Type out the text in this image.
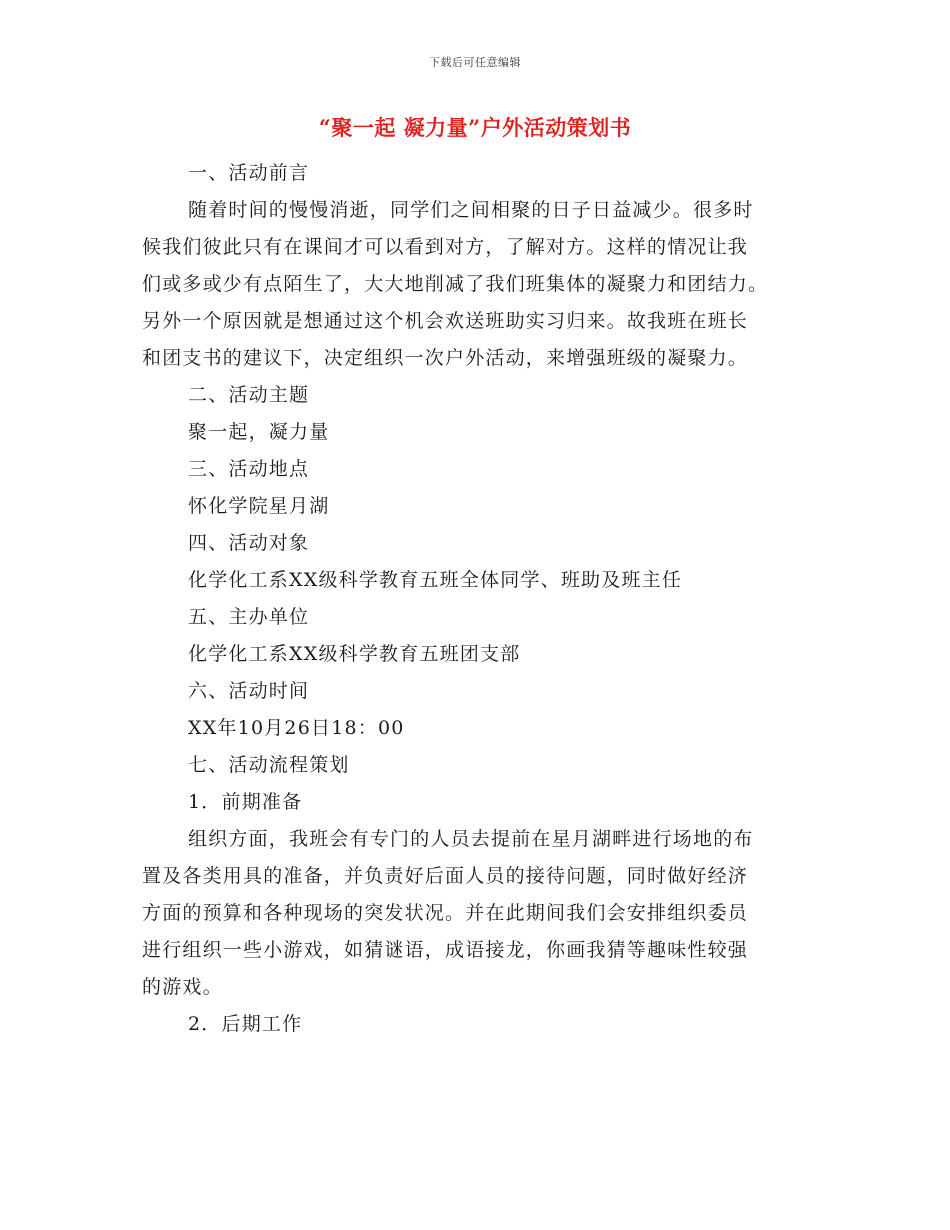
下载后可任意编辑
“聚一起 凝力量”户外活动策划书

一、活动前言

随着时间的慢慢消逝，同学们之间相聚的日子日益减少。很多时

候我们彼此只有在课间才可以看到对方，了解对方。这样的情况让我

们或多或少有点陌生了，大大地削减了我们班集体的凝聚力和团结力。

另外一个原因就是想通过这个机会欢送班助实习归来。故我班在班长

和团支书的建议下，决定组织一次户外活动，来增强班级的凝聚力。

二、活动主题

聚一起，凝力量

三、活动地点

怀化学院星月湖

四、活动对象

化学化工系XX级科学教育五班全体同学、班助及班主任

五、主办单位

化学化工系XX级科学教育五班团支部

六、活动时间

XX年10月26日18：00

七、活动流程策划

1．前期准备

组织方面，我班会有专门的人员去提前在星月湖畔进行场地的布

置及各类用具的准备，并负责好后面人员的接待问题，同时做好经济

方面的预算和各种现场的突发状况。并在此期间我们会安排组织委员

进行组织一些小游戏，如猜谜语，成语接龙，你画我猜等趣味性较强

的游戏。

2．后期工作
